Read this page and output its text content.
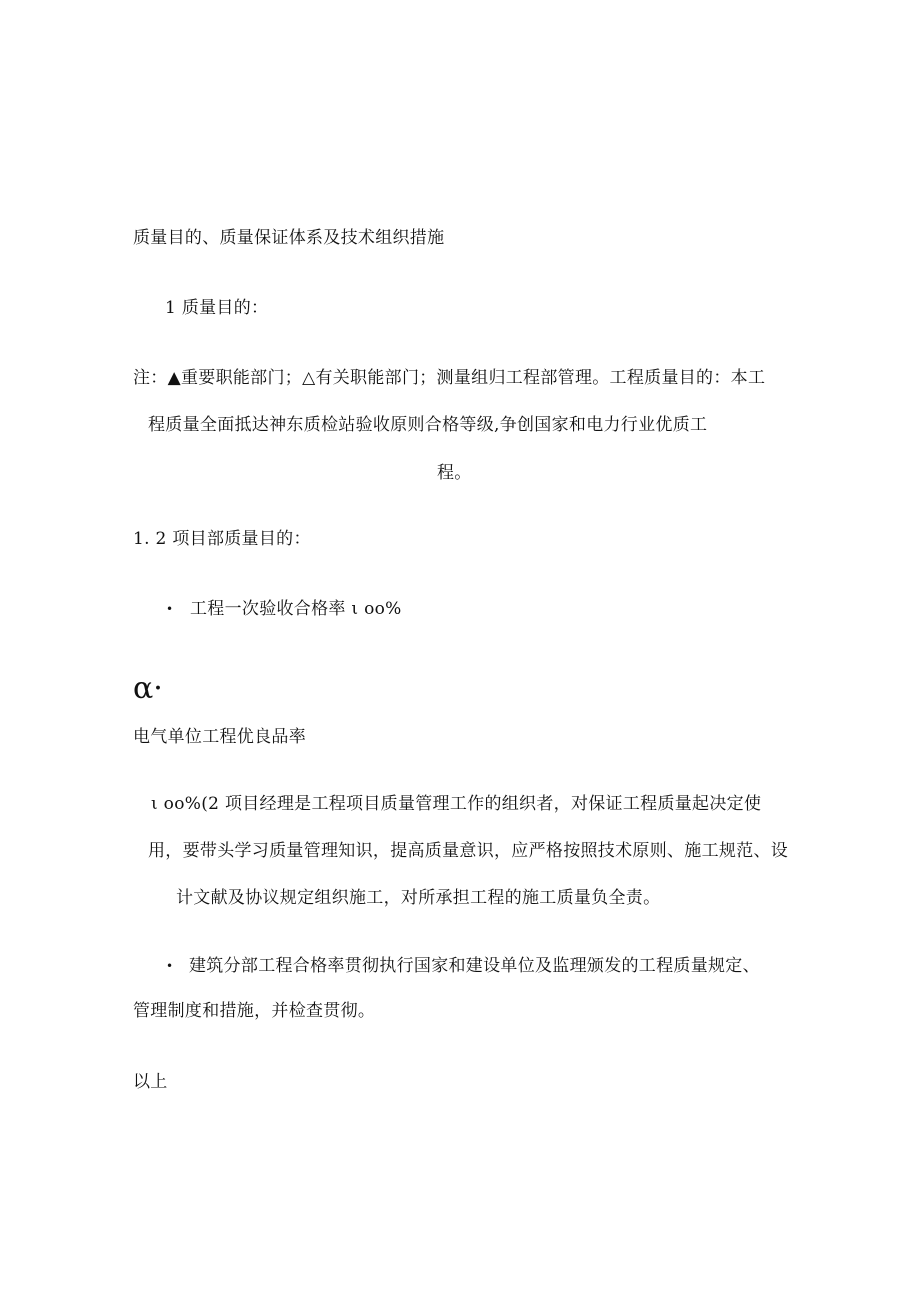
质量目的、质量保证体系及技术组织措施
1 质量目的：
注：▲重要职能部门；△有关职能部门；测量组归工程部管理。工程质量目的：本工
程质量全面抵达神东质检站验收原则合格等级,争创国家和电力行业优质工
程。
1. 2 项目部质量目的：
• 工程一次验收合格率 ι oo%
α·
电气单位工程优良品率
ι oo%(2 项目经理是工程项目质量管理工作的组织者，对保证工程质量起决定使
用，要带头学习质量管理知识，提高质量意识，应严格按照技术原则、施工规范、设
计文献及协议规定组织施工，对所承担工程的施工质量负全责。
• 建筑分部工程合格率贯彻执行国家和建设单位及监理颁发的工程质量规定、
管理制度和措施，并检查贯彻。
以上
